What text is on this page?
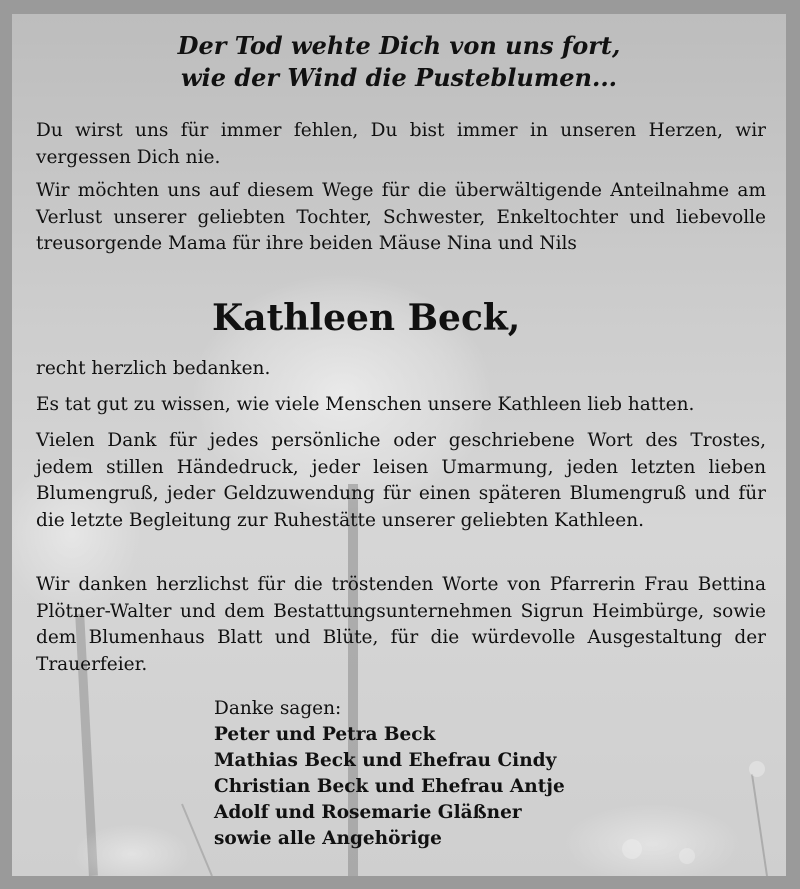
Der Tod wehte Dich von uns fort,
wie der Wind die Pusteblumen...

Du wirst uns für immer fehlen, Du bist immer in unseren Herzen, wir vergessen Dich nie.

Wir möchten uns auf diesem Wege für die überwältigende Anteilnahme am Verlust unserer geliebten Tochter, Schwester, Enkeltochter und liebevolle treusorgende Mama für ihre beiden Mäuse Nina und Nils

Kathleen Beck,

recht herzlich bedanken.

Es tat gut zu wissen, wie viele Menschen unsere Kathleen lieb hatten.

Vielen Dank für jedes persönliche oder geschriebene Wort des Trostes, jedem stillen Händedruck, jeder leisen Umarmung, jeden letzten lieben Blumengruß, jeder Geldzuwendung für einen späteren Blumengruß und für die letzte Begleitung zur Ruhestätte unserer geliebten Kathleen.

Wir danken herzlichst für die tröstenden Worte von Pfarrerin Frau Bettina Plötner-Walter und dem Bestattungsunternehmen Sigrun Heimbürge, sowie dem Blumenhaus Blatt und Blüte, für die würdevolle Ausgestaltung der Trauerfeier.

Danke sagen:
Peter und Petra Beck
Mathias Beck und Ehefrau Cindy
Christian Beck und Ehefrau Antje
Adolf und Rosemarie Gläßner
sowie alle Angehörige
